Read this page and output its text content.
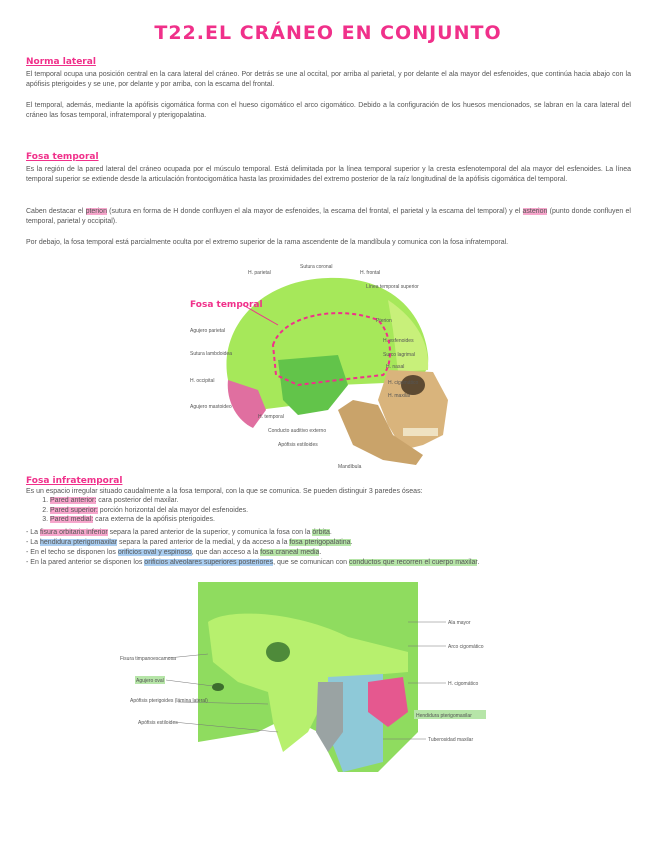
T22.EL CRÁNEO EN CONJUNTO
Norma lateral
El temporal ocupa una posición central en la cara lateral del cráneo. Por detrás se une al occital, por arriba al parietal, y por delante el ala mayor del esfenoides, que continúa hacia abajo con la apófisis pterigoides y se une, por delante y por arriba, con la escama del frontal.
El temporal, además, mediante la apófisis cigomática forma con el hueso cigomático el arco cigomático. Debido a la configuración de los huesos mencionados, se labran en la cara lateral del cráneo las fosas temporal, infratemporal y pterigopalatina.
Fosa temporal
Es la región de la pared lateral del cráneo ocupada por el músculo temporal. Está delimitada por la línea temporal superior y la cresta esfenotemporal del ala mayor del esfenoides. La línea temporal superior se extiende desde la articulación frontocigomática hasta las proximidades del extremo posterior de la raíz longitudinal de la apófisis cigomática del temporal.
Caben destacar el pterion (sutura en forma de H donde confluyen el ala mayor de esfenoides, la escama del frontal, el parietal y la escama del temporal) y el asterion (punto donde confluyen el temporal, parietal y occipital).
Por debajo, la fosa temporal está parcialmente oculta por el extremo superior de la rama ascendente de la mandíbula y comunica con la fosa infratemporal.
Fosa temporal
Sutura coronal
H. parietal	H. frontal
Línea temporal superior
Pterion
Agujero parietal
H. esfenoides
Sutura lambdoidea	Surco lagrimal
H. nasal
H. occipital	H. cigomático
Agujero mastoideo
H. maxilar
H. temporal
Conducto auditivo externo
Apófisis estiloides
Mandíbula
Fosa infratemporal
Es un espacio irregular situado caudalmente a la fosa temporal, con la que se comunica. Se pueden distinguir 3 paredes óseas:
1. Pared anterior: cara posterior del maxilar.
2. Pared superior: porción horizontal del ala mayor del esfenoides.
3. Pared medial: cara externa de la apófisis pterigoides.
- La fisura orbitaria inferior separa la pared anterior de la superior, y comunica la fosa con la órbita.
- La hendidura pterigomaxilar separa la pared anterior de la medial, y da acceso a la fosa pterigopalatina.
- En el techo se disponen los orificios oval y espinoso, que dan acceso a la fosa craneal media.
- En la pared anterior se disponen los orificios alveolares superiores posteriores, que se comunican con conductos que recorren el cuerpo maxilar.
Fisura timpanoescamosa
Agujero oval
Apófisis pterigoides (lámina lateral)
Apófisis estiloides
Ala mayor
Arco cigomático
H. cigomático
Hendidura pterigomaxilar
Tuberosidad maxilar
